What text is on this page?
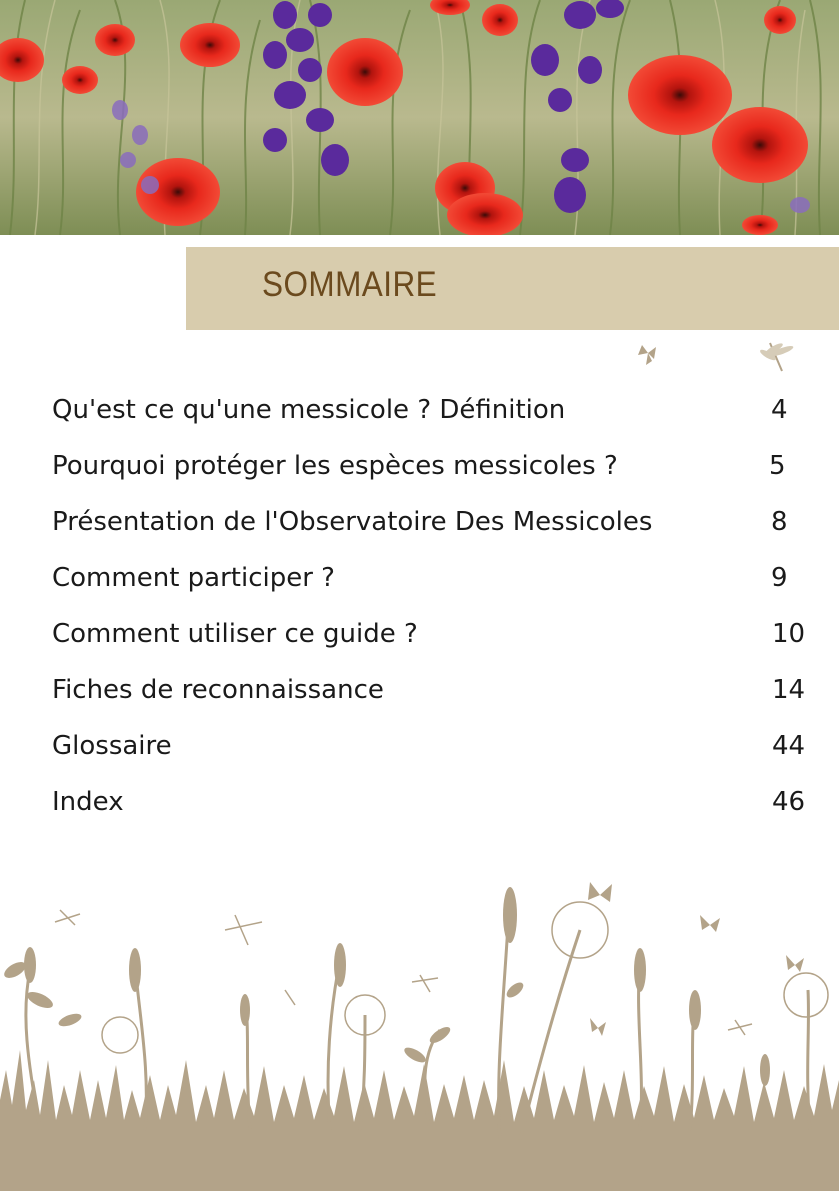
SOMMAIRE
Qu'est ce qu'une messicole ? Définition	4
Pourquoi protéger les espèces messicoles ?	5
Présentation de l'Observatoire Des Messicoles	8
Comment participer ?	9
Comment utiliser ce guide ?	10
Fiches de reconnaissance	14
Glossaire	44
Index	46
